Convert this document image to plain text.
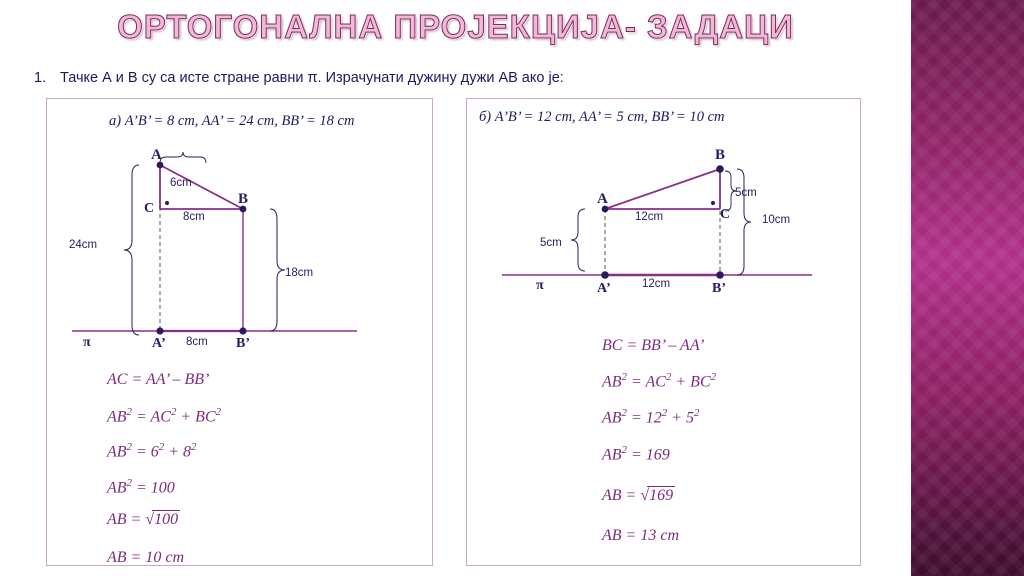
ОРТОГОНАЛНА ПРОЈЕКЦИЈА- ЗАДАЦИ
1. Тачке А и В су са исте стране равни π. Израчунати дужину дужи АВ ако је:
а) A’B’ = 8 cm, AA’ = 24 cm, BB’ = 18 cm
A
B
C
A’	B’
π
6cm
8cm
24cm
18cm
8cm
AC = AA’ – BB’
$AB^2 = AC^2 + BC^2$
$AB^2 = 6^2 + 8^2$
$AB^2 = 100$
AB = √100
AB = 10 cm
б) A’B’ = 12 cm, AA’ = 5 cm, BB’ = 10 cm
A
B
C
A’	B’
π
5cm
10cm
12cm
5cm
12cm
BC = BB’ – AA’
$AB^2 = AC^2 + BC^2$
$AB^2 = 12^2 + 5^2$
$AB^2 = 169$
AB = √169
AB = 13 cm
